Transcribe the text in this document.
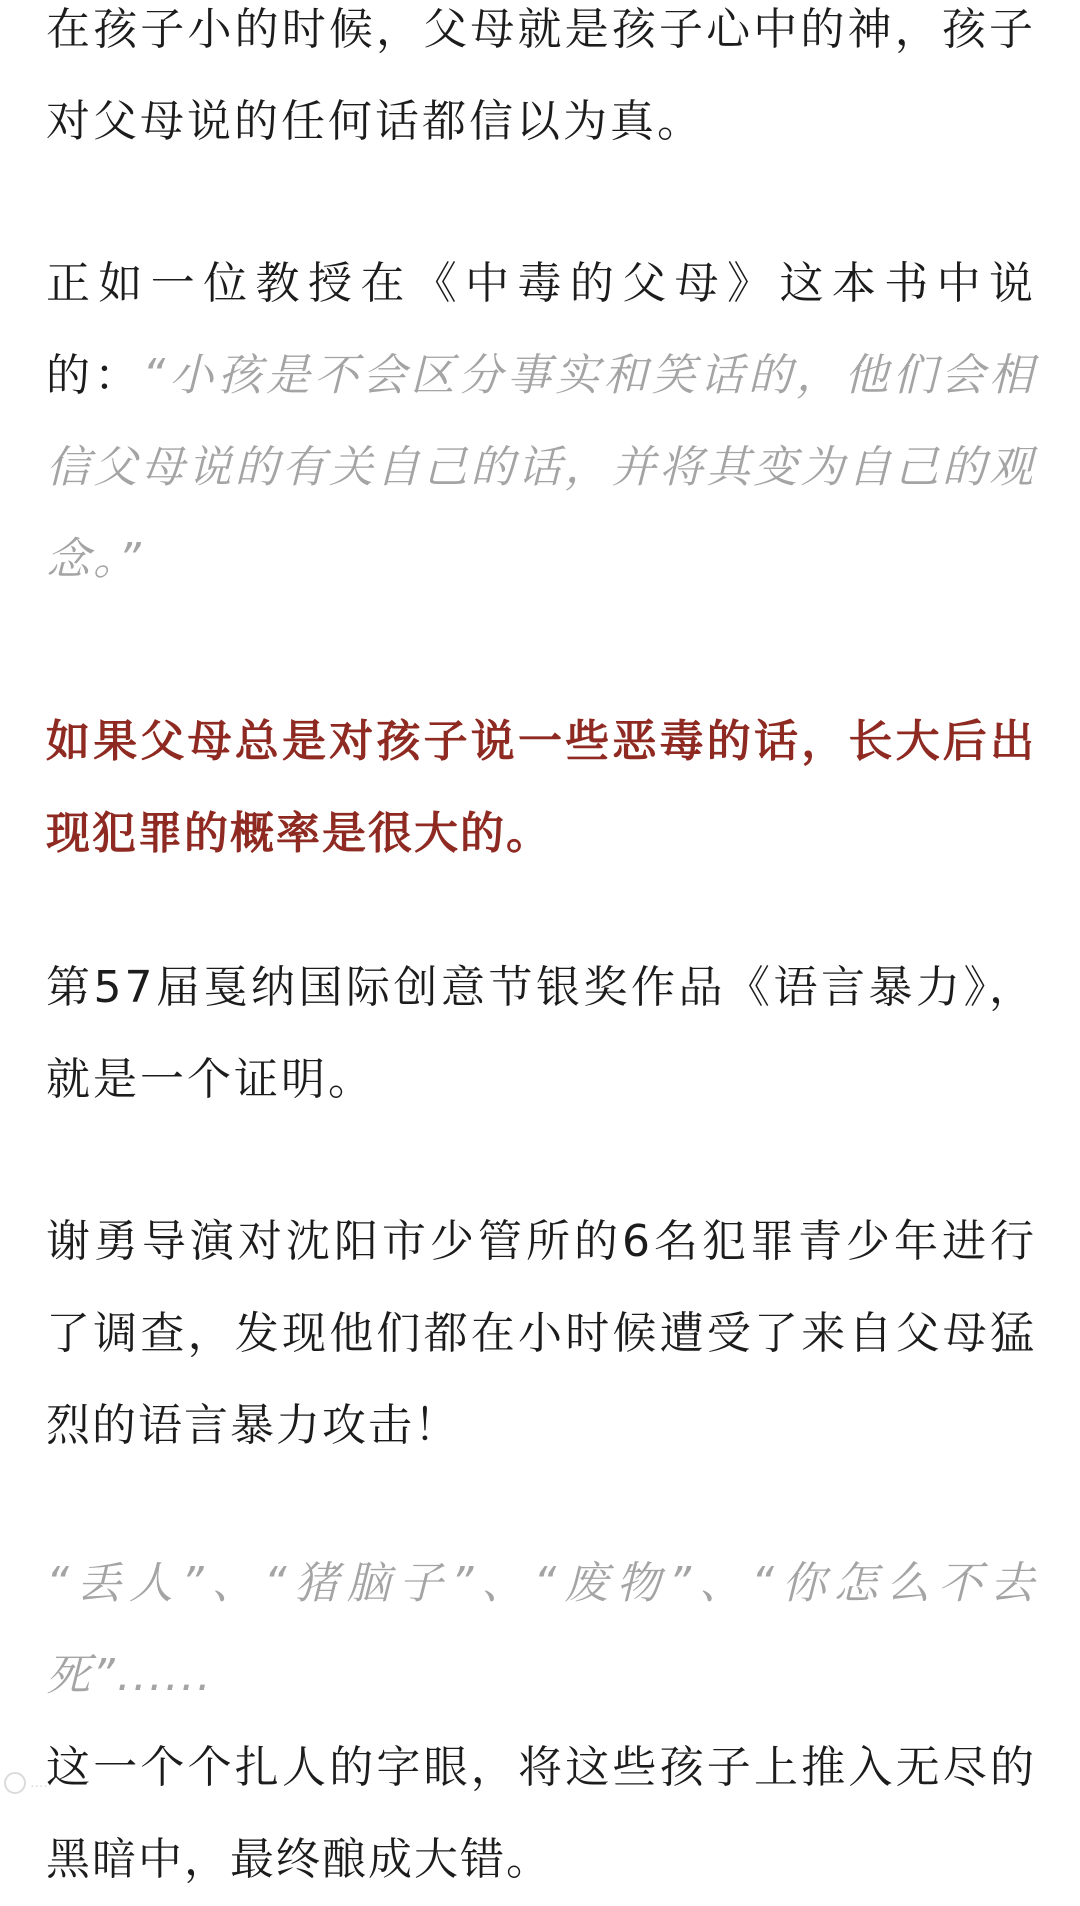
在孩子小的时候，父母就是孩子心中的神，孩子对父母说的任何话都信以为真。

正如一位教授在《中毒的父母》这本书中说的：“小孩是不会区分事实和笑话的，他们会相信父母说的有关自己的话，并将其变为自己的观念。”

如果父母总是对孩子说一些恶毒的话，长大后出现犯罪的概率是很大的。

第57届戛纳国际创意节银奖作品《语言暴力》，就是一个证明。

谢勇导演对沈阳市少管所的6名犯罪青少年进行了调查，发现他们都在小时候遭受了来自父母猛烈的语言暴力攻击！

“丢人”、“猪脑子”、“废物”、“你怎么不去死”......
这一个个扎人的字眼，将这些孩子上推入无尽的黑暗中，最终酿成大错。

....
